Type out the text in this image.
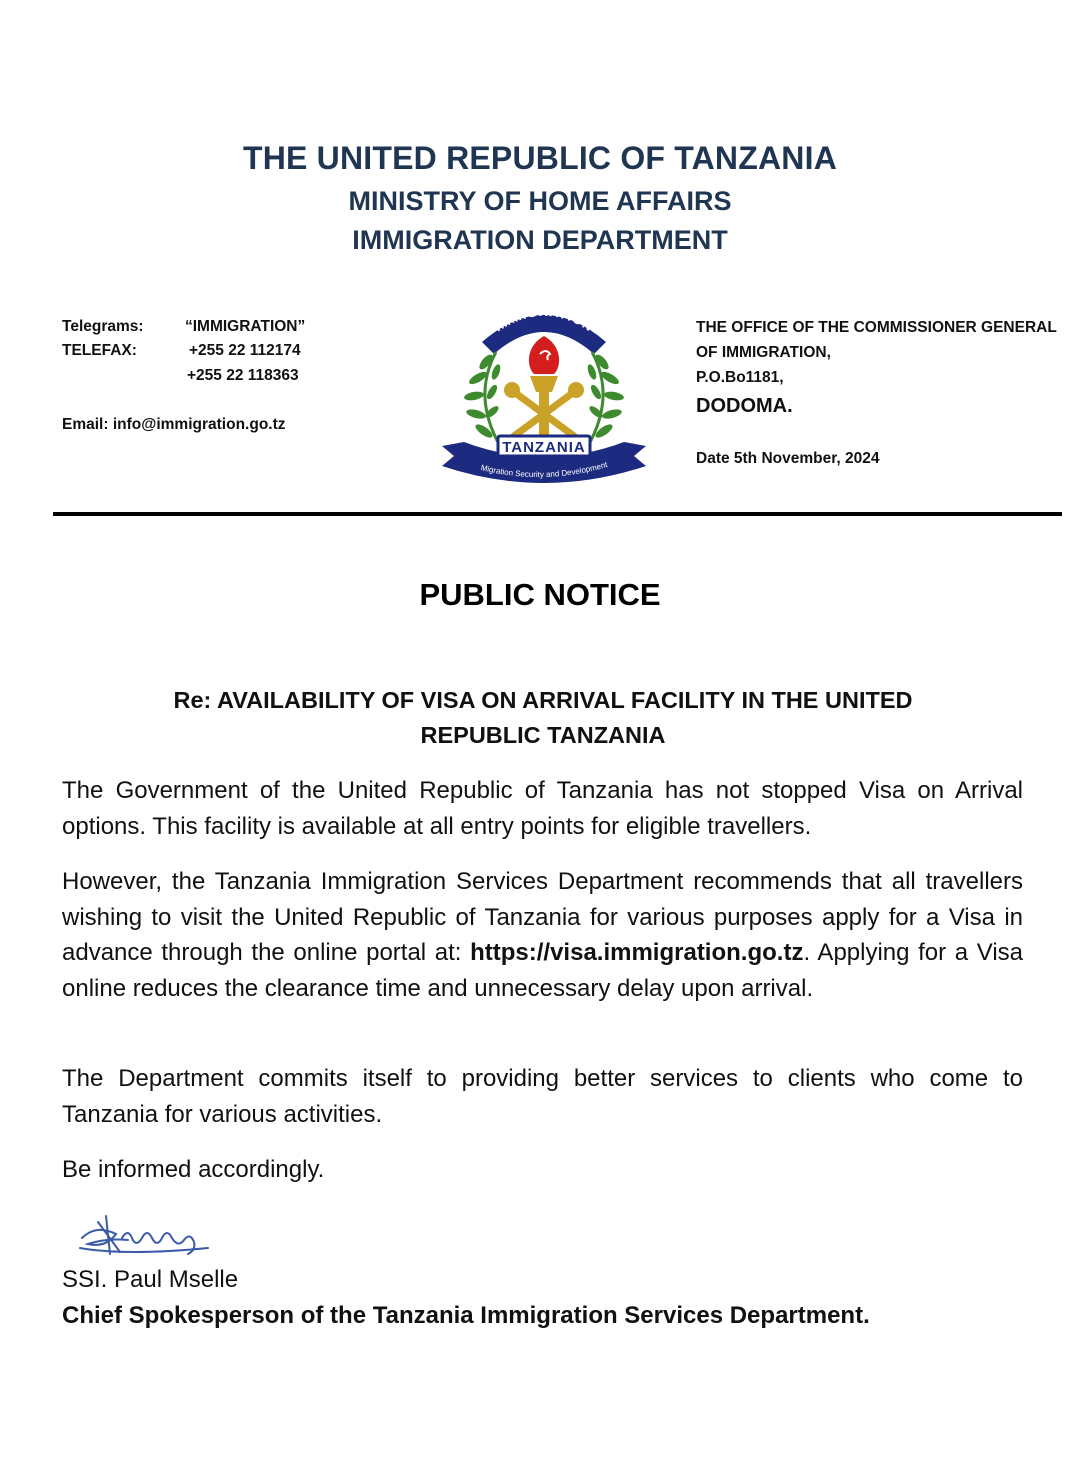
THE UNITED REPUBLIC OF TANZANIA
MINISTRY OF HOME AFFAIRS
IMMIGRATION DEPARTMENT
Telegrams:	“IMMIGRATION”
TELEFAX:	+255 22 112174
+255 22 118363
Email: info@immigration.go.tz
IMMIGRATION
TANZANIA
Migration Security and Development
THE OFFICE OF THE COMMISSIONER GENERAL
OF IMMIGRATION,
P.O.Bo1181,
DODOMA.
Date 5th November, 2024
PUBLIC NOTICE
Re: AVAILABILITY OF VISA ON ARRIVAL FACILITY IN THE UNITED
REPUBLIC TANZANIA
The Government of the United Republic of Tanzania has not stopped Visa on Arrival options. This facility is available at all entry points for eligible travellers.
However, the Tanzania Immigration Services Department recommends that all travellers wishing to visit the United Republic of Tanzania for various purposes apply for a Visa in advance through the online portal at: https://visa.immigration.go.tz. Applying for a Visa online reduces the clearance time and unnecessary delay upon arrival.
The Department commits itself to providing better services to clients who come to Tanzania for various activities.
Be informed accordingly.
SSI. Paul Mselle
Chief Spokesperson of the Tanzania Immigration Services Department.
